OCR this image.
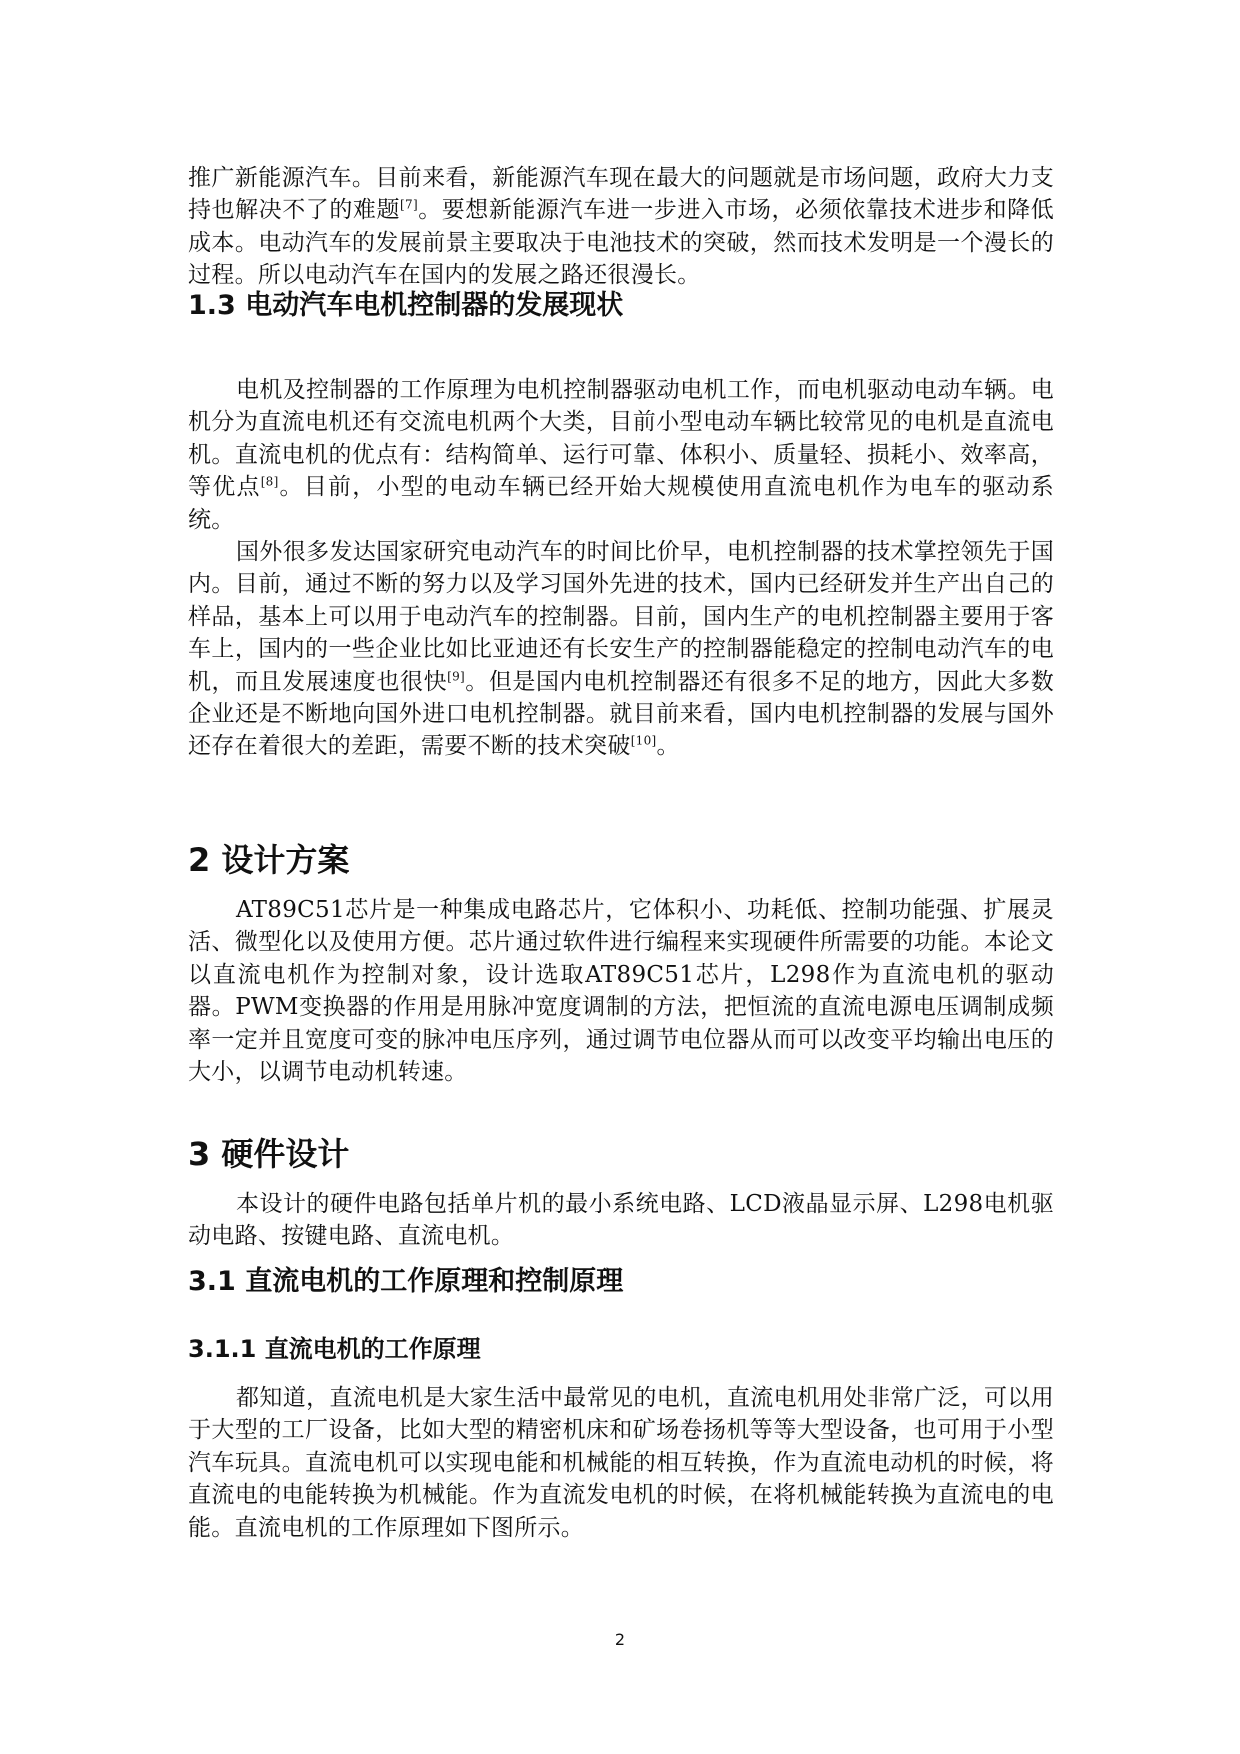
推广新能源汽车。目前来看，新能源汽车现在最大的问题就是市场问题，政府大力支持也解决不了的难题[7]。要想新能源汽车进一步进入市场，必须依靠技术进步和降低成本。电动汽车的发展前景主要取决于电池技术的突破，然而技术发明是一个漫长的过程。所以电动汽车在国内的发展之路还很漫长。

1.3 电动汽车电机控制器的发展现状

电机及控制器的工作原理为电机控制器驱动电机工作，而电机驱动电动车辆。电机分为直流电机还有交流电机两个大类，目前小型电动车辆比较常见的电机是直流电机。直流电机的优点有：结构简单、运行可靠、体积小、质量轻、损耗小、效率高，等优点[8]。目前，小型的电动车辆已经开始大规模使用直流电机作为电车的驱动系统。

国外很多发达国家研究电动汽车的时间比价早，电机控制器的技术掌控领先于国内。目前，通过不断的努力以及学习国外先进的技术，国内已经研发并生产出自己的样品，基本上可以用于电动汽车的控制器。目前，国内生产的电机控制器主要用于客车上，国内的一些企业比如比亚迪还有长安生产的控制器能稳定的控制电动汽车的电机，而且发展速度也很快[9]。但是国内电机控制器还有很多不足的地方，因此大多数企业还是不断地向国外进口电机控制器。就目前来看，国内电机控制器的发展与国外还存在着很大的差距，需要不断的技术突破[10]。

2 设计方案

AT89C51芯片是一种集成电路芯片，它体积小、功耗低、控制功能强、扩展灵活、微型化以及使用方便。芯片通过软件进行编程来实现硬件所需要的功能。本论文以直流电机作为控制对象，设计选取AT89C51芯片，L298作为直流电机的驱动器。PWM变换器的作用是用脉冲宽度调制的方法，把恒流的直流电源电压调制成频率一定并且宽度可变的脉冲电压序列，通过调节电位器从而可以改变平均输出电压的大小，以调节电动机转速。

3 硬件设计

本设计的硬件电路包括单片机的最小系统电路、LCD液晶显示屏、L298电机驱动电路、按键电路、直流电机。

3.1 直流电机的工作原理和控制原理
3.1.1 直流电机的工作原理

都知道，直流电机是大家生活中最常见的电机，直流电机用处非常广泛，可以用于大型的工厂设备，比如大型的精密机床和矿场卷扬机等等大型设备，也可用于小型汽车玩具。直流电机可以实现电能和机械能的相互转换，作为直流电动机的时候，将直流电的电能转换为机械能。作为直流发电机的时候，在将机械能转换为直流电的电能。直流电机的工作原理如下图所示。

2
